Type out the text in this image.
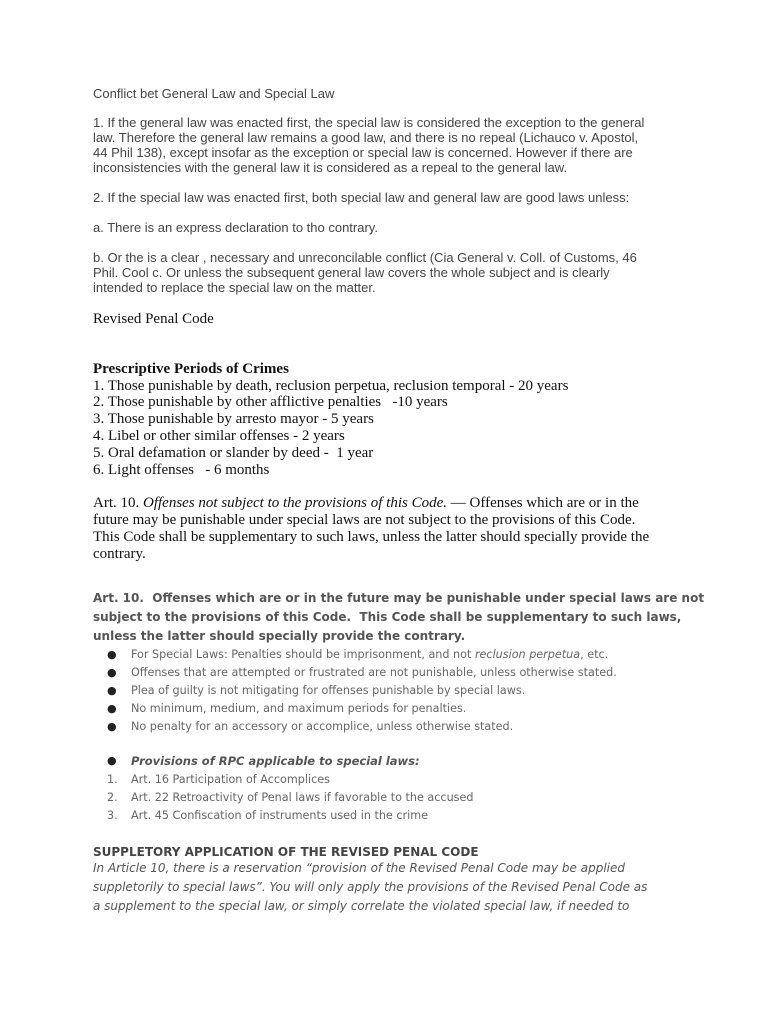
Conflict bet General Law and Special Law

1. If the general law was enacted first, the special law is considered the exception to the general

law. Therefore the general law remains a good law, and there is no repeal (Lichauco v. Apostol,

44 Phil 138), except insofar as the exception or special law is concerned. However if there are

inconsistencies with the general law it is considered as a repeal to the general law.

2. If the special law was enacted first, both special law and general law are good laws unless:

a. There is an express declaration to tho contrary.

b. Or the is a clear , necessary and unreconcilable conflict (Cia General v. Coll. of Customs, 46

Phil. Cool c. Or unless the subsequent general law covers the whole subject and is clearly

intended to replace the special law on the matter.

Revised Penal Code

Prescriptive Periods of Crimes

1. Those punishable by death, reclusion perpetua, reclusion temporal - 20 years

2. Those punishable by other afflictive penalties   -10 years

3. Those punishable by arresto mayor - 5 years

4. Libel or other similar offenses - 2 years

5. Oral defamation or slander by deed -  1 year

6. Light offenses   - 6 months

Art. 10. Offenses not subject to the provisions of this Code. — Offenses which are or in the

future may be punishable under special laws are not subject to the provisions of this Code.

This Code shall be supplementary to such laws, unless the latter should specially provide the

contrary.

Art. 10.  Offenses which are or in the future may be punishable under special laws are not
subject to the provisions of this Code.  This Code shall be supplementary to such laws,
unless the latter should specially provide the contrary.
● For Special Laws: Penalties should be imprisonment, and not reclusion perpetua, etc.
● Offenses that are attempted or frustrated are not punishable, unless otherwise stated.
● Plea of guilty is not mitigating for offenses punishable by special laws.
● No minimum, medium, and maximum periods for penalties.
● No penalty for an accessory or accomplice, unless otherwise stated.
● Provisions of RPC applicable to special laws:
1. Art. 16 Participation of Accomplices
2. Art. 22 Retroactivity of Penal laws if favorable to the accused
3. Art. 45 Confiscation of instruments used in the crime
SUPPLETORY APPLICATION OF THE REVISED PENAL CODE
In Article 10, there is a reservation “provision of the Revised Penal Code may be applied
suppletorily to special laws”. You will only apply the provisions of the Revised Penal Code as
a supplement to the special law, or simply correlate the violated special law, if needed to
